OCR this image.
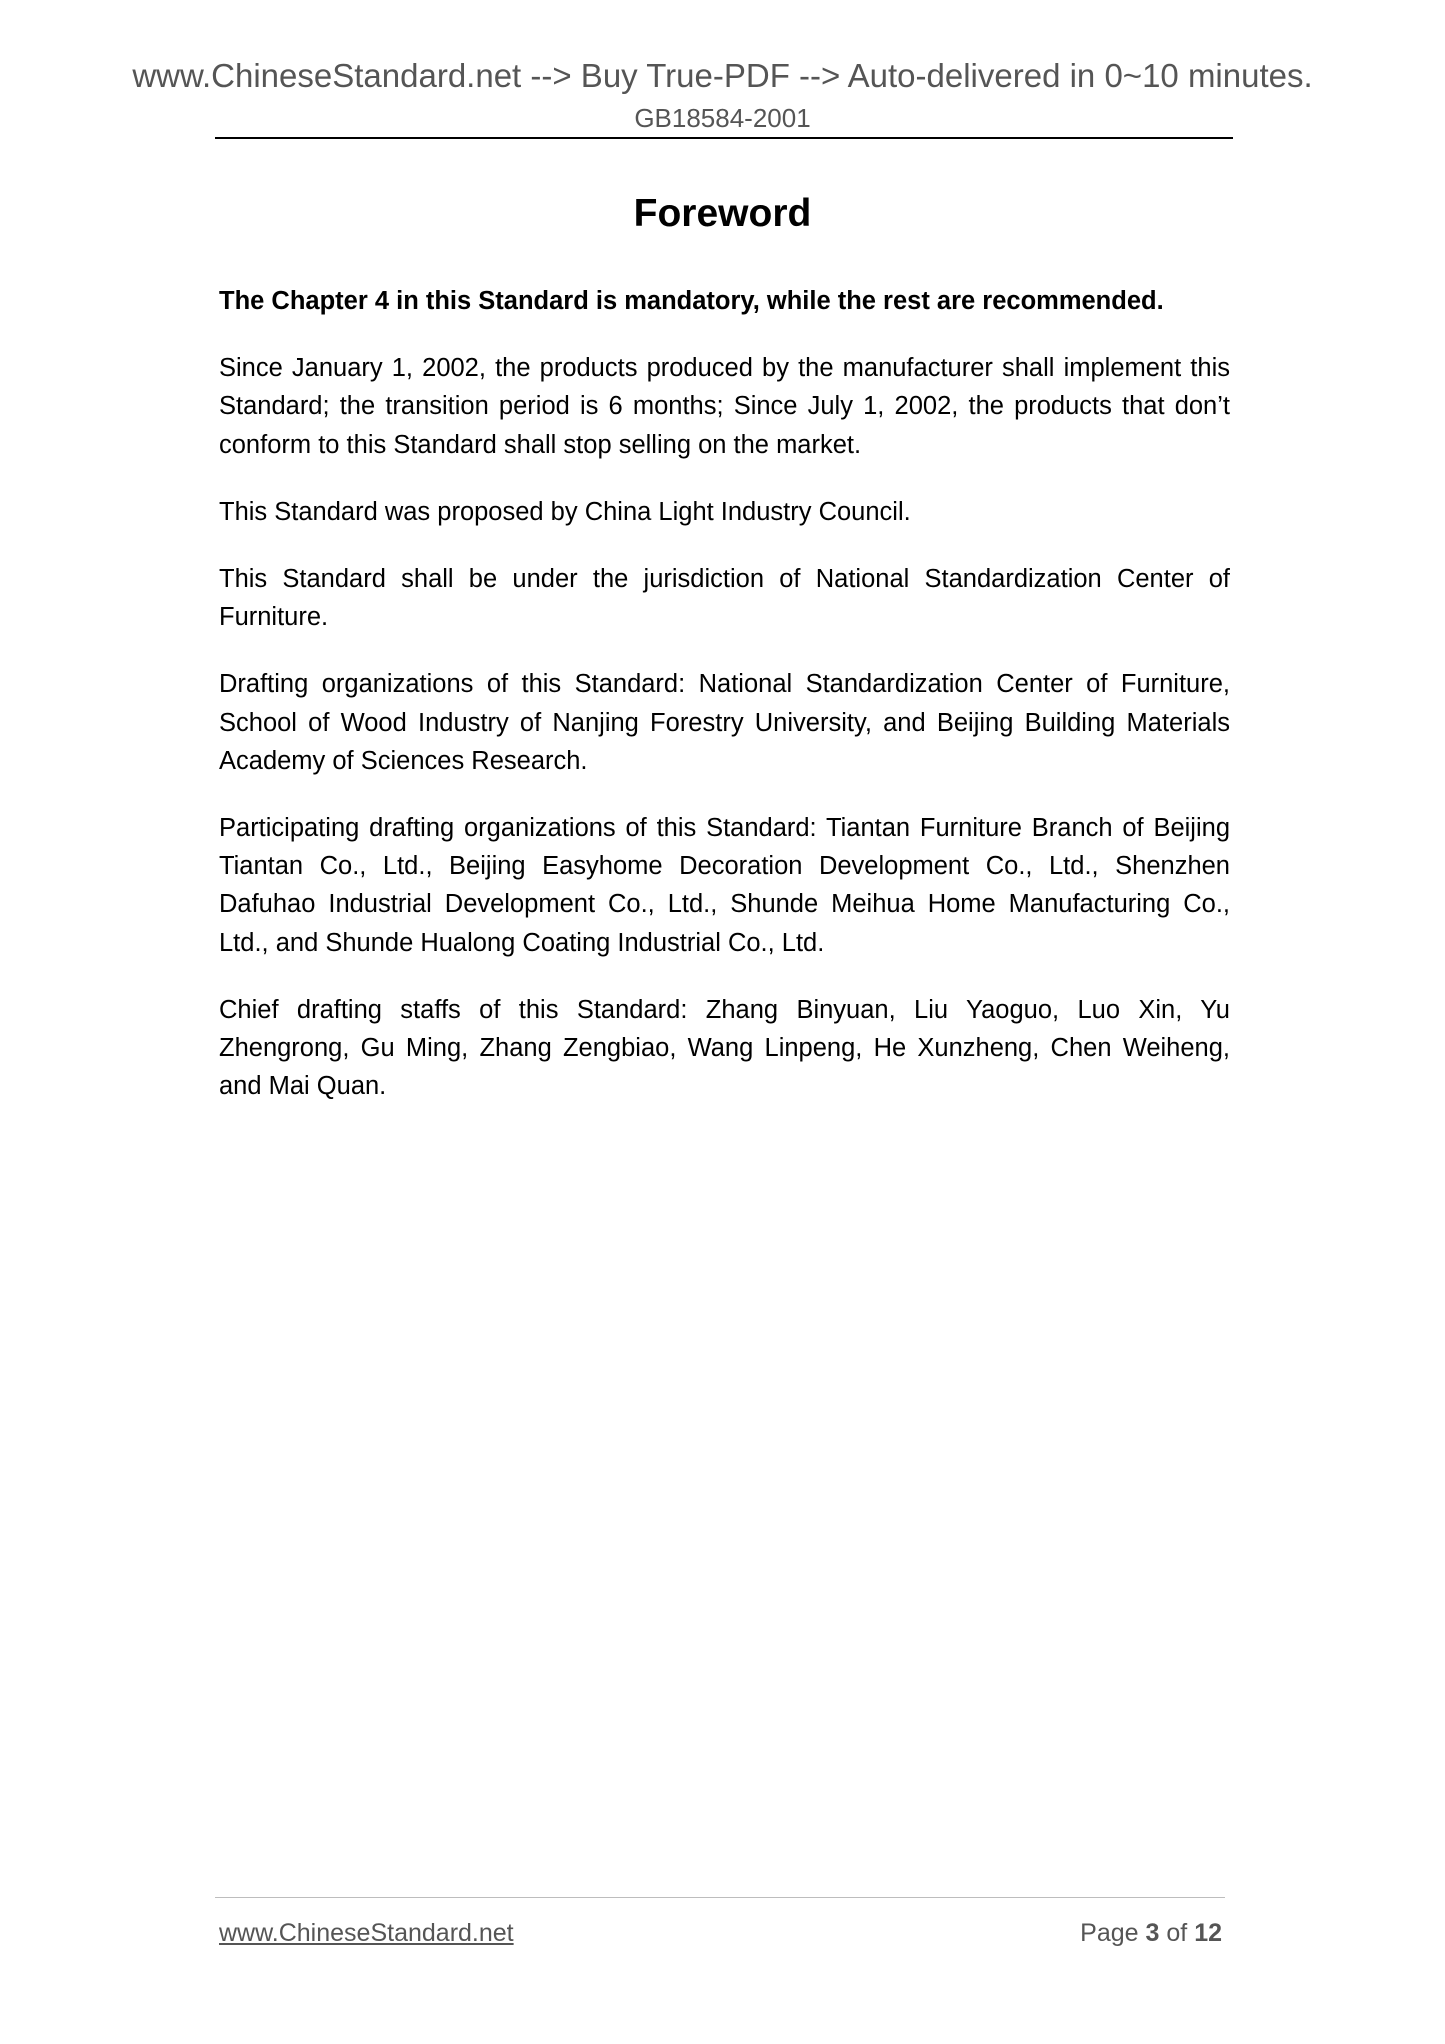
www.ChineseStandard.net --> Buy True-PDF --> Auto-delivered in 0~10 minutes.
GB18584-2001
Foreword

The Chapter 4 in this Standard is mandatory, while the rest are recommended.

Since January 1, 2002, the products produced by the manufacturer shall implement this Standard; the transition period is 6 months; Since July 1, 2002, the products that don’t conform to this Standard shall stop selling on the market.

This Standard was proposed by China Light Industry Council.

This Standard shall be under the jurisdiction of National Standardization Center of Furniture.

Drafting organizations of this Standard: National Standardization Center of Furniture, School of Wood Industry of Nanjing Forestry University, and Beijing Building Materials Academy of Sciences Research.

Participating drafting organizations of this Standard: Tiantan Furniture Branch of Beijing Tiantan Co., Ltd., Beijing Easyhome Decoration Development Co., Ltd., Shenzhen Dafuhao Industrial Development Co., Ltd., Shunde Meihua Home Manufacturing Co., Ltd., and Shunde Hualong Coating Industrial Co., Ltd.

Chief drafting staffs of this Standard: Zhang Binyuan, Liu Yaoguo, Luo Xin, Yu Zhengrong, Gu Ming, Zhang Zengbiao, Wang Linpeng, He Xunzheng, Chen Weiheng, and Mai Quan.

www.ChineseStandard.net	Page 3 of 12
